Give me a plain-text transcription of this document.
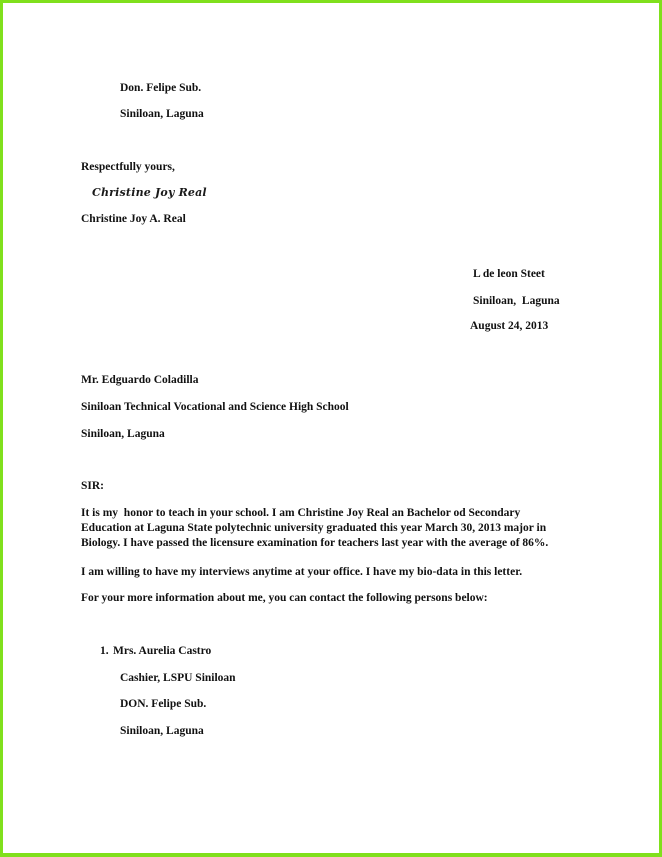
Don. Felipe Sub.
Siniloan, Laguna
Respectfully yours,
Christine Joy Real
Christine Joy A. Real
L de leon Steet
Siniloan,  Laguna
August 24, 2013
Mr. Edguardo Coladilla
Siniloan Technical Vocational and Science High School
Siniloan, Laguna
SIR:
It is my  honor to teach in your school. I am Christine Joy Real an Bachelor od Secondary
Education at Laguna State polytechnic university graduated this year March 30, 2013 major in
Biology. I have passed the licensure examination for teachers last year with the average of 86%.
I am willing to have my interviews anytime at your office. I have my bio-data in this letter.
For your more information about me, you can contact the following persons below:
1. Mrs. Aurelia Castro
Cashier, LSPU Siniloan
DON. Felipe Sub.
Siniloan, Laguna
